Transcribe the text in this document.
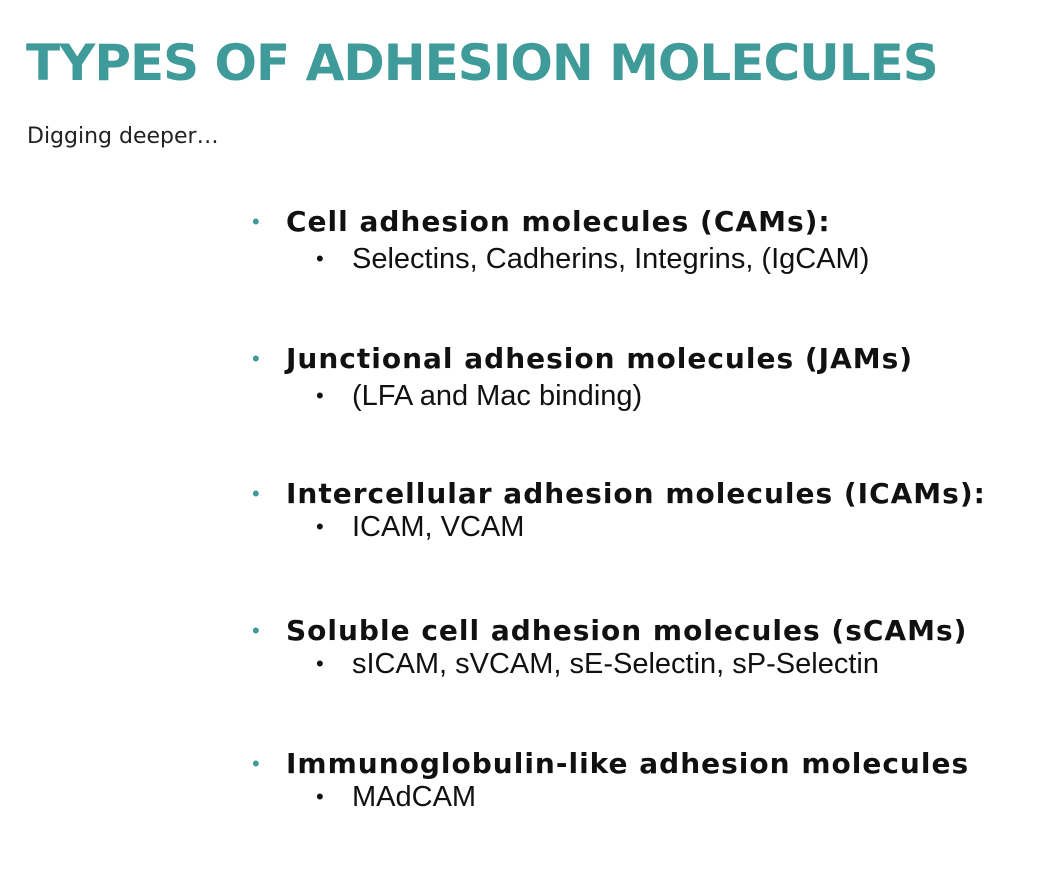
TYPES OF ADHESION MOLECULES
Digging deeper…
• Cell adhesion molecules (CAMs):
• Selectins, Cadherins, Integrins, (IgCAM)
• Junctional adhesion molecules (JAMs)
• (LFA and Mac binding)
• Intercellular adhesion molecules (ICAMs):
• ICAM, VCAM
• Soluble cell adhesion molecules (sCAMs)
• sICAM, sVCAM, sE-Selectin, sP-Selectin
• Immunoglobulin-like adhesion molecules
• MAdCAM
